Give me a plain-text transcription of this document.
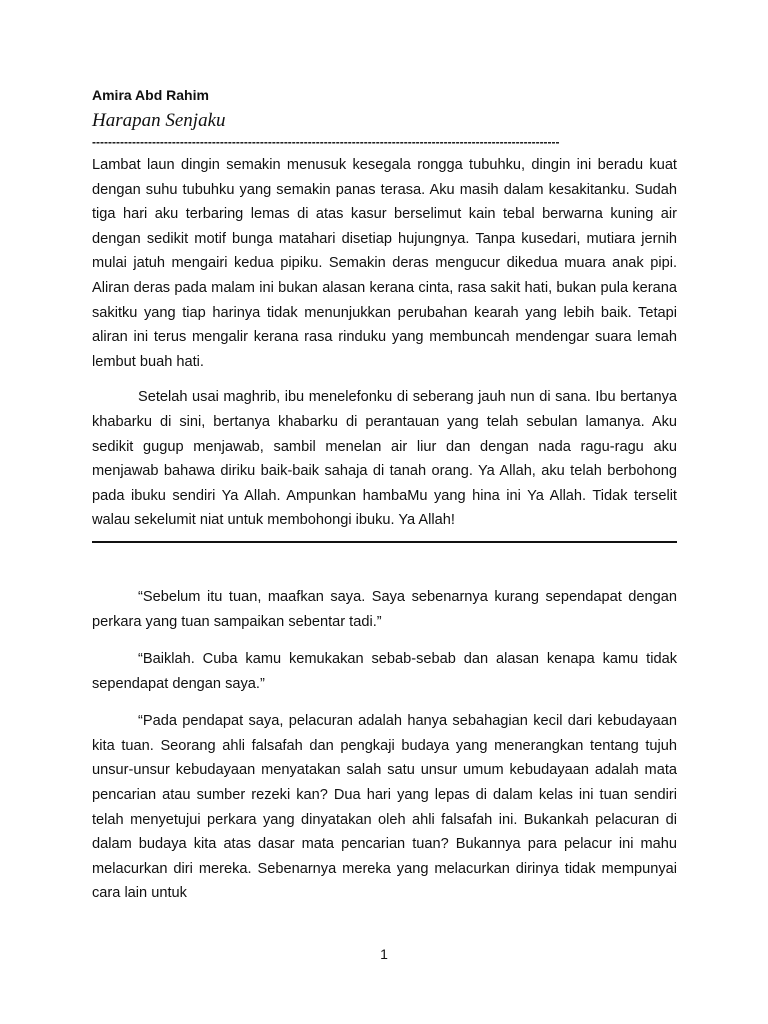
Amira Abd Rahim

Harapan Senjaku

---------------------------------------------------------------------------------------------------------------------

Lambat laun dingin semakin menusuk kesegala rongga tubuhku, dingin ini beradu kuat dengan suhu tubuhku yang semakin panas terasa. Aku masih dalam kesakitanku. Sudah tiga hari aku terbaring lemas di atas kasur berselimut kain tebal berwarna kuning air dengan sedikit motif bunga matahari disetiap hujungnya. Tanpa kusedari, mutiara jernih mulai jatuh mengairi kedua pipiku. Semakin deras mengucur dikedua muara anak pipi. Aliran deras pada malam ini bukan alasan kerana cinta, rasa sakit hati, bukan pula kerana sakitku yang tiap harinya tidak menunjukkan perubahan kearah yang lebih baik. Tetapi aliran ini terus mengalir kerana rasa rinduku yang membuncah mendengar suara lemah lembut buah hati.

Setelah usai maghrib, ibu menelefonku di seberang jauh nun di sana. Ibu bertanya khabarku di sini, bertanya khabarku di perantauan yang telah sebulan lamanya. Aku sedikit gugup menjawab, sambil menelan air liur dan dengan nada ragu-ragu aku menjawab bahawa diriku baik-baik sahaja di tanah orang. Ya Allah, aku telah berbohong pada ibuku sendiri Ya Allah. Ampunkan hambaMu yang hina ini Ya Allah. Tidak terselit walau sekelumit niat untuk membohongi ibuku. Ya Allah!

“Sebelum itu tuan, maafkan saya. Saya sebenarnya kurang sependapat dengan perkara yang tuan sampaikan sebentar tadi.”

“Baiklah. Cuba kamu kemukakan sebab-sebab dan alasan kenapa kamu tidak sependapat dengan saya.”

“Pada pendapat saya, pelacuran adalah hanya sebahagian kecil dari kebudayaan kita tuan. Seorang ahli falsafah dan pengkaji budaya yang menerangkan tentang tujuh unsur-unsur kebudayaan menyatakan salah satu unsur umum kebudayaan adalah mata pencarian atau sumber rezeki kan? Dua hari yang lepas di dalam kelas ini tuan sendiri telah menyetujui perkara yang dinyatakan oleh ahli falsafah ini. Bukankah pelacuran di dalam budaya kita atas dasar mata pencarian tuan? Bukannya para pelacur ini mahu melacurkan diri mereka. Sebenarnya mereka yang melacurkan dirinya tidak mempunyai cara lain untuk

1
